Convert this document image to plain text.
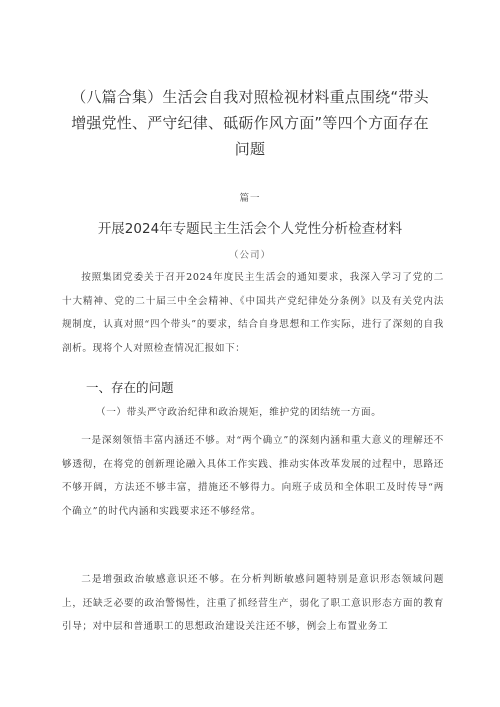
（八篇合集）生活会自我对照检视材料重点围绕“带头
增强党性、严守纪律、砥砺作风方面”等四个方面存在
问题
篇一
开展2024年专题民主生活会个人党性分析检查材料
（公司）

按照集团党委关于召开2024年度民主生活会的通知要求，我深入学习了党的二十大精神、党的二十届三中全会精神、《中国共产党纪律处分条例》以及有关党内法规制度，认真对照“四个带头”的要求，结合自身思想和工作实际，进行了深刻的自我剖析。现将个人对照检查情况汇报如下：

一、存在的问题
（一）带头严守政治纪律和政治规矩，维护党的团结统一方面。

一是深刻领悟丰富内涵还不够。对“两个确立”的深刻内涵和重大意义的理解还不够透彻，在将党的创新理论融入具体工作实践、推动实体改革发展的过程中，思路还不够开阔，方法还不够丰富，措施还不够得力。向班子成员和全体职工及时传导“两个确立”的时代内涵和实践要求还不够经常。

二是增强政治敏感意识还不够。在分析判断敏感问题特别是意识形态领域问题上，还缺乏必要的政治警惕性，注重了抓经营生产，弱化了职工意识形态方面的教育引导；对中层和普通职工的思想政治建设关注还不够，例会上布置业务工
